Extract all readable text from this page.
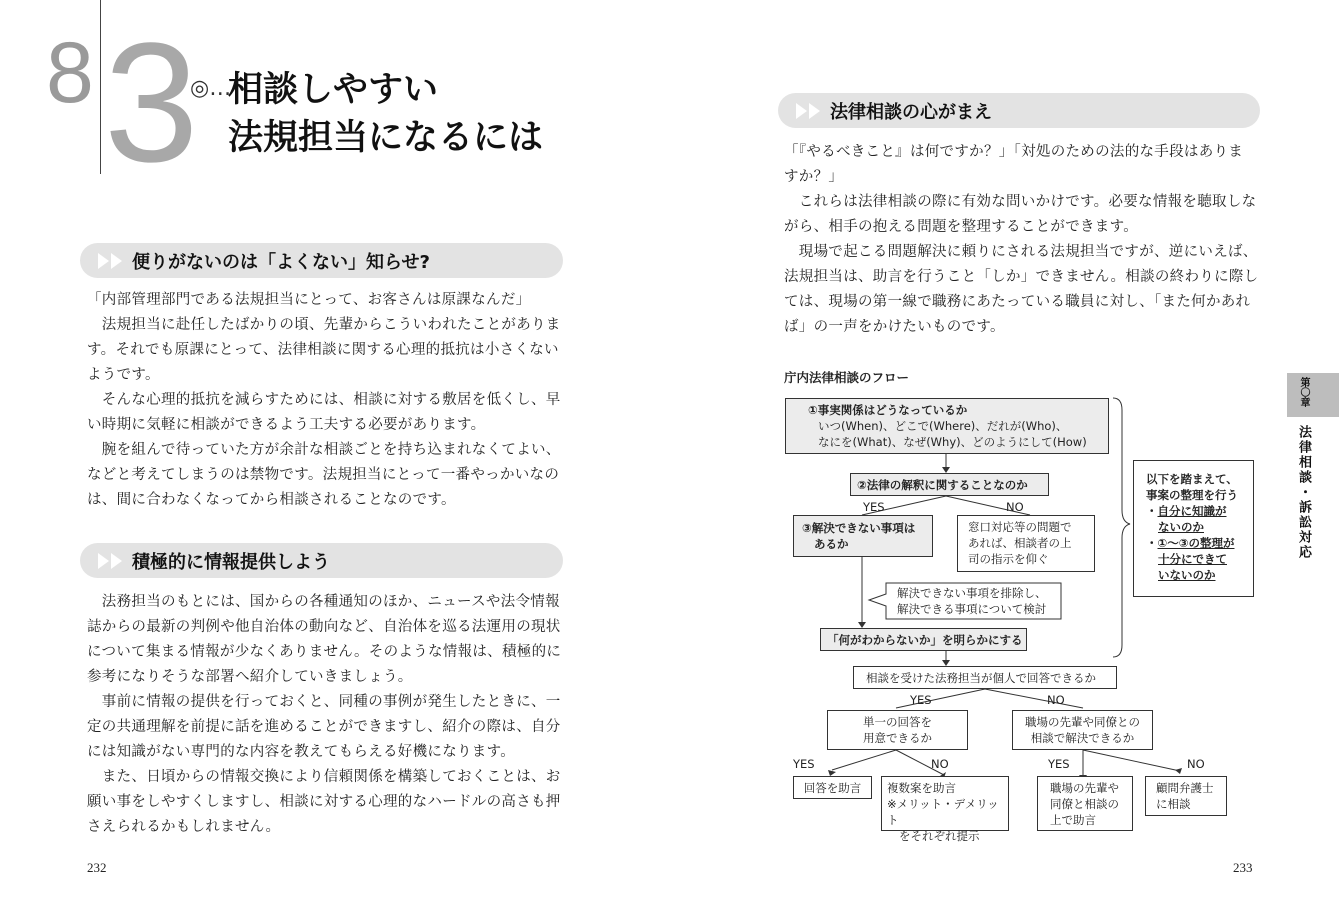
8 3
◎…
相談しやすい
法規担当になるには
便りがないのは「よくない」知らせ?

「内部管理部門である法規担当にとって、お客さんは原課なんだ」

　法規担当に赴任したばかりの頃、先輩からこういわれたことがありま

す。それでも原課にとって、法律相談に関する心理的抵抗は小さくない

ようです。

　そんな心理的抵抗を減らすためには、相談に対する敷居を低くし、早

い時期に気軽に相談ができるよう工夫する必要があります。

　腕を組んで待っていた方が余計な相談ごとを持ち込まれなくてよい、

などと考えてしまうのは禁物です。法規担当にとって一番やっかいなの

は、間に合わなくなってから相談されることなのです。

積極的に情報提供しよう

　法務担当のもとには、国からの各種通知のほか、ニュースや法令情報

誌からの最新の判例や他自治体の動向など、自治体を巡る法運用の現状

について集まる情報が少なくありません。そのような情報は、積極的に

参考になりそうな部署へ紹介していきましょう。

　事前に情報の提供を行っておくと、同種の事例が発生したときに、一

定の共通理解を前提に話を進めることができますし、紹介の際は、自分

には知識がない専門的な内容を教えてもらえる好機になります。

　また、日頃からの情報交換により信頼関係を構築しておくことは、お

願い事をしやすくしますし、相談に対する心理的なハードルの高さも押

さえられるかもしれません。

232
法律相談の心がまえ

「『やるべきこと』は何ですか？」「対処のための法的な手段はありま

すか？」

　これらは法律相談の際に有効な問いかけです。必要な情報を聴取しな

がら、相手の抱える問題を整理することができます。

　現場で起こる問題解決に頼りにされる法規担当ですが、逆にいえば、

法規担当は、助言を行うこと「しか」できません。相談の終わりに際し

ては、現場の第一線で職務にあたっている職員に対し、「また何かあれ

ば」の一声をかけたいものです。

庁内法律相談のフロー
①事実関係はどうなっているか
いつ(When)、どこで(Where)、だれが(Who)、
なにを(What)、なぜ(Why)、どのようにして(How)
②法律の解釈に関することなのか
YES	NO
③解決できない事項は
あるか
窓口対応等の問題で
あれば、相談者の上
司の指示を仰ぐ
解決できない事項を排除し、
解決できる事項について検討
「何がわからないか」を明らかにする
以下を踏まえて、
事案の整理を行う
・自分に知識が
ないのか
・①〜③の整理が
十分にできて
いないのか
相談を受けた法務担当が個人で回答できるか
YES	NO
単一の回答を
用意できるか
職場の先輩や同僚との
相談で解決できるか
YES	NO	YES	NO
回答を助言	複数案を助言
※メリット・デメリット
をそれぞれ提示
職場の先輩や
同僚と相談の
上で助言
顧問弁護士
に相談
233
第〇章
法律相談・訴訟対応
